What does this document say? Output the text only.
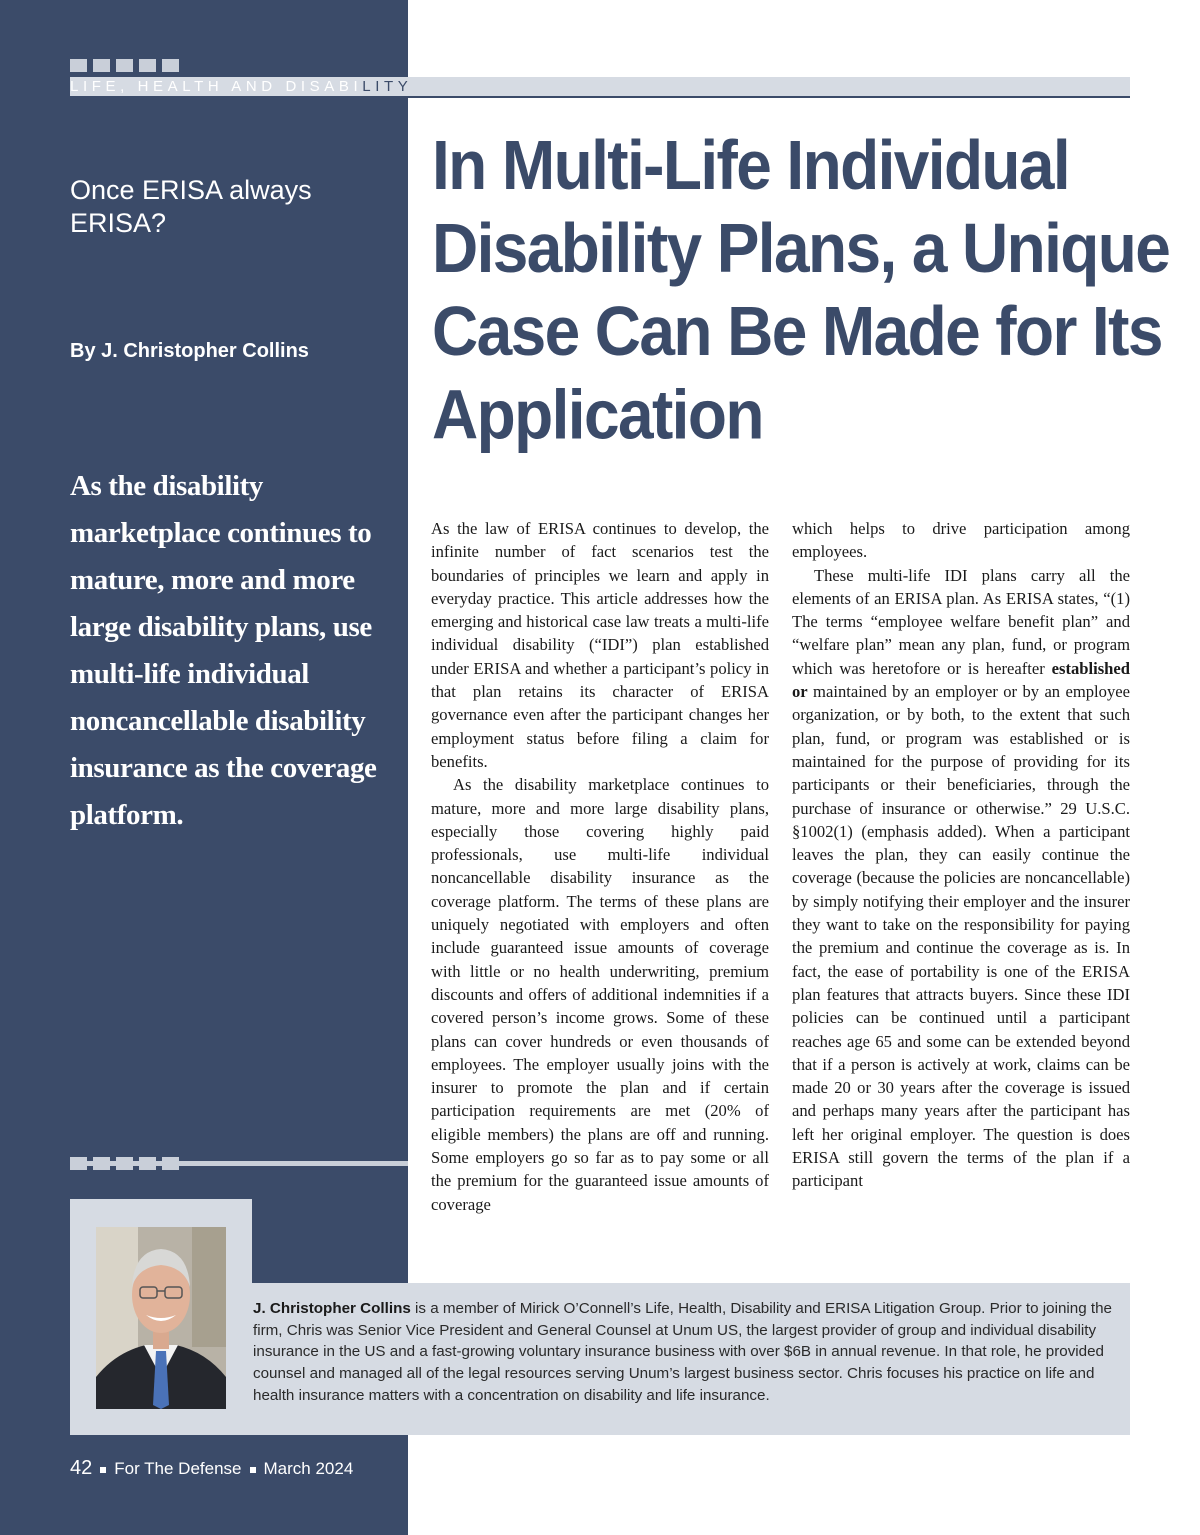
LIFE, HEALTH AND DISABILITY
Once ERISA always ERISA?
By J. Christopher Collins
As the disability marketplace continues to mature, more and more large disability plans, use multi-life individual noncancellable disability insurance as the coverage platform.
In Multi-Life Individual Disability Plans, a Unique Case Can Be Made for Its Application

As the law of ERISA continues to develop, the infinite number of fact scenarios test the boundaries of principles we learn and apply in everyday practice. This article addresses how the emerging and historical case law treats a multi-life individual disability (“IDI”) plan established under ERISA and whether a participant’s policy in that plan retains its character of ERISA governance even after the participant changes her employment status before filing a claim for benefits.

As the disability marketplace continues to mature, more and more large disability plans, especially those covering highly paid professionals, use multi-life individual noncancellable disability insurance as the coverage platform. The terms of these plans are uniquely negotiated with employers and often include guaranteed issue amounts of coverage with little or no health underwriting, premium discounts and offers of additional indemnities if a covered person’s income grows. Some of these plans can cover hundreds or even thousands of employees. The employer usually joins with the insurer to promote the plan and if certain participation requirements are met (20% of eligible members) the plans are off and running. Some employers go so far as to pay some or all the premium for the guaranteed issue amounts of coverage

which helps to drive participation among employees.

These multi-life IDI plans carry all the elements of an ERISA plan. As ERISA states, “(1) The terms “employee welfare benefit plan” and “welfare plan” mean any plan, fund, or program which was heretofore or is hereafter established or maintained by an employer or by an employee organization, or by both, to the extent that such plan, fund, or program was established or is maintained for the purpose of providing for its participants or their beneficiaries, through the purchase of insurance or otherwise.” 29 U.S.C. §1002(1) (emphasis added). When a participant leaves the plan, they can easily continue the coverage (because the policies are noncancellable) by simply notifying their employer and the insurer they want to take on the responsibility for paying the premium and continue the coverage as is. In fact, the ease of portability is one of the ERISA plan features that attracts buyers. Since these IDI policies can be continued until a participant reaches age 65 and some can be extended beyond that if a person is actively at work, claims can be made 20 or 30 years after the coverage is issued and perhaps many years after the participant has left her original employer. The question is does ERISA still govern the terms of the plan if a participant

J. Christopher Collins is a member of Mirick O’Connell’s Life, Health, Disability and ERISA Litigation Group. Prior to joining the firm, Chris was Senior Vice President and General Counsel at Unum US, the largest provider of group and individual disability insurance in the US and a fast-growing voluntary insurance business with over $6B in annual revenue. In that role, he provided counsel and managed all of the legal resources serving Unum’s largest business sector. Chris focuses his practice on life and health insurance matters with a concentration on disability and life insurance.
42 For The Defense March 2024
